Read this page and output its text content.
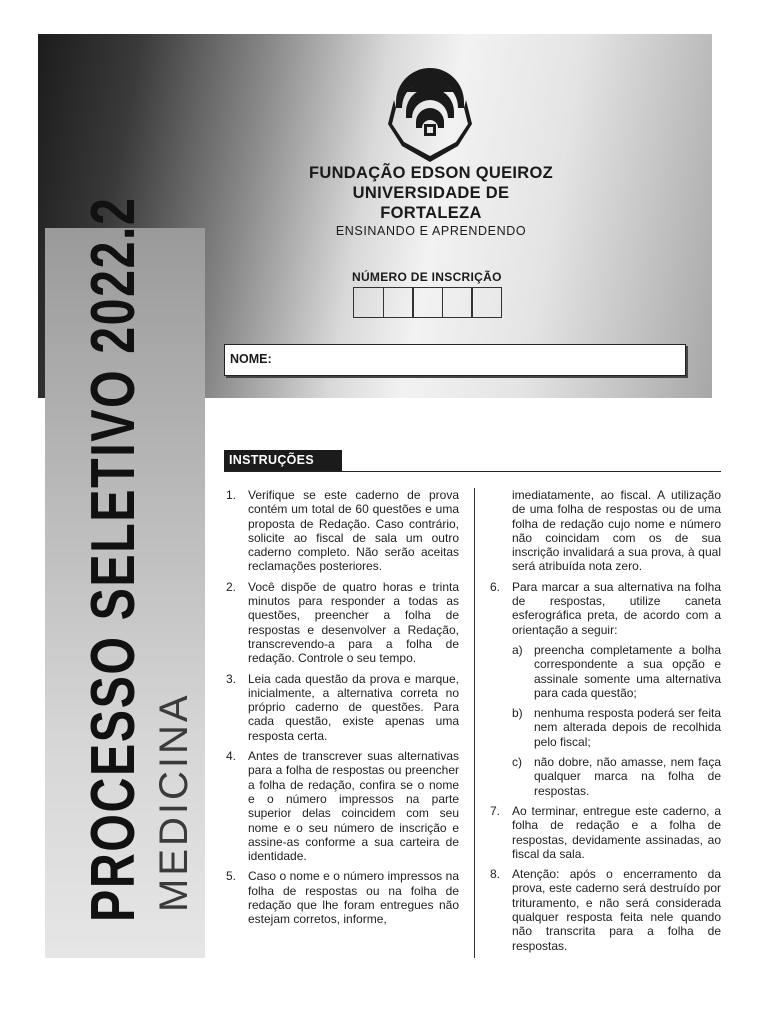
PROCESSO SELETIVO 2022.2 MEDICINA
FUNDAÇÃO EDSON QUEIROZ
UNIVERSIDADE DE FORTALEZA
ENSINANDO E APRENDENDO
NÚMERO DE INSCRIÇÃO
NOME:
INSTRUÇÕES
1. Verifique se este caderno de prova contém um total de 60 questões e uma proposta de Redação. Caso contrário, solicite ao fiscal de sala um outro caderno completo. Não serão aceitas reclamações posteriores.
2. Você dispõe de quatro horas e trinta minutos para responder a todas as questões, preencher a folha de respostas e desenvolver a Redação, transcrevendo-a para a folha de redação. Controle o seu tempo.
3. Leia cada questão da prova e marque, inicialmente, a alternativa correta no próprio caderno de questões. Para cada questão, existe apenas uma resposta certa.
4. Antes de transcrever suas alternativas para a folha de respostas ou preencher a folha de redação, confira se o nome e o número impressos na parte superior delas coincidem com seu nome e o seu número de inscrição e assine-as conforme a sua carteira de identidade.
5. Caso o nome e o número impressos na folha de respostas ou na folha de redação que lhe foram entregues não estejam corretos, informe,
imediatamente, ao fiscal. A utilização de uma folha de respostas ou de uma folha de redação cujo nome e número não coincidam com os de sua inscrição invalidará a sua prova, à qual será atribuída nota zero.
6. Para marcar a sua alternativa na folha de respostas, utilize caneta esferográfica preta, de acordo com a orientação a seguir:
a) preencha completamente a bolha correspondente a sua opção e assinale somente uma alternativa para cada questão;
b) nenhuma resposta poderá ser feita nem alterada depois de recolhida pelo fiscal;
c) não dobre, não amasse, nem faça qualquer marca na folha de respostas.
7. Ao terminar, entregue este caderno, a folha de redação e a folha de respostas, devidamente assinadas, ao fiscal da sala.
8. Atenção: após o encerramento da prova, este caderno será destruído por trituramento, e não será considerada qualquer resposta feita nele quando não transcrita para a folha de respostas.
